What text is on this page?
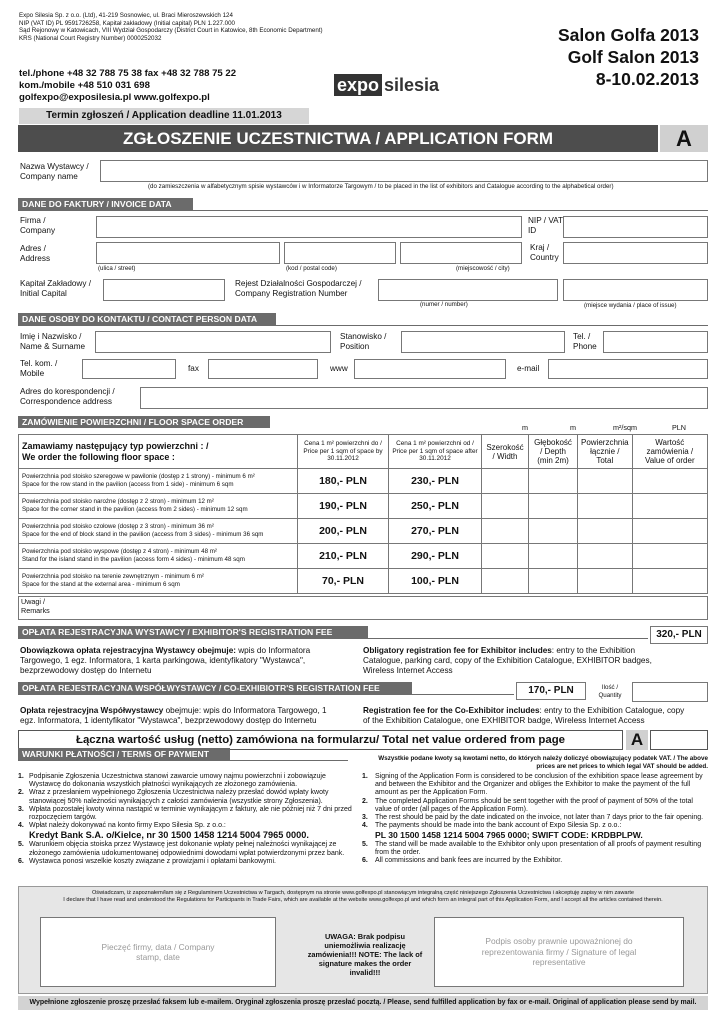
Expo Silesia Sp. z o.o. (Ltd), 41-219 Sosnowiec, ul. Braci Mieroszewskich 124
NIP (VAT ID) PL 9591726258, Kapitał zakładowy (Initial capital) PLN 1.227.000
Sąd Rejonowy w Katowicach, VIII Wydział Gospodarczy (District Court in Katowice, 8th Economic Department)
KRS (National Court Registry Number) 0000252032
tel./phone +48 32 788 75 38 fax +48 32 788 75 22
kom./mobile +48 510 031 698
golfexpo@exposilesia.pl www.golfexpo.pl
expo silesia
Salon Golfa 2013
Golf Salon 2013
8-10.02.2013
Termin zgłoszeń / Application deadline 11.01.2013
ZGŁOSZENIE UCZESTNICTWA / APPLICATION FORM	A
Nazwa Wystawcy / Company name
(do zamieszczenia w alfabetycznym spisie wystawców i w Informatorze Targowym / to be placed in the list of exhibitors and Catalogue according to the alphabetical order)
DANE DO FAKTURY / INVOICE DATA
Firma / Company
NIP / VAT ID
Adres / Address
Kraj / Country
(ulica / street)	(kod / postal code)	(miejscowość / city)
Kapitał Zakładowy / Initial Capital
Rejest Działalności Gospodarczej / Company Registration Number
(numer / number)	(miejsce wydania / place of issue)
DANE OSOBY DO KONTAKTU / CONTACT PERSON DATA
Imię i Nazwisko / Name & Surname
Stanowisko / Position
Tel. / Phone
Tel. kom. / Mobile
fax	www	e-mail
Adres do korespondencji / Correspondence address
ZAMÓWIENIE POWIERZCHNI / FLOOR SPACE ORDER
m	m	m²/sqm	PLN
Zamawiamy następujący typ powierzchni : /
We order the following floor space :	Cena 1 m² powierzchni do / Price per 1 sqm of space by 30.11.2012	Cena 1 m² powierzchni od / Price per 1 sqm of space after 30.11.2012	Szerokość / Width	Głębokość / Depth (min 2m)	Powierzchnia łącznie / Total	Wartość zamówienia / Value of order

Powierzchnia pod stoisko szeregowe w pawilonie (dostęp z 1 strony) - minimum 6 m²
Space for the row stand in the pavilion (access from 1 side) - minimum 6 sqm	180,- PLN	230,- PLN				

Powierzchnia pod stoisko narożne (dostęp z 2 stron) - minimum 12 m²
Space for the corner stand in the pavilion (access from 2 sides) - minimum 12 sqm	190,- PLN	250,- PLN				

Powierzchnia pod stoisko czołowe (dostęp z 3 stron) - minimum 36 m²
Space for the end of block stand in the pavilion (access from 3 sides) - minimum 36 sqm	200,- PLN	270,- PLN				

Powierzchnia pod stoisko wyspowe (dostęp z 4 stron) - minimum 48 m²
Stand for the island stand in the pavilion (access form 4 sides) - minimum 48 sqm	210,- PLN	290,- PLN				

Powierzchnia pod stoisko na terenie zewnętrznym - minimum 6 m²
Space for the stand at the external area - minimum 6 sqm	70,- PLN	100,- PLN				
Uwagi / Remarks
OPŁATA REJESTRACYJNA WYSTAWCY / EXHIBITOR'S REGISTRATION FEE	320,- PLN
Obowiązkowa opłata rejestracyjna Wystawcy obejmuje: wpis do Informatora Targowego, 1 egz. Informatora, 1 karta parkingowa, identyfikatory "Wystawca", bezprzewodowy dostęp do Internetu
Obligatory registration fee for Exhibitor includes: entry to the Exhibition Catalogue, parking card, copy of the Exhibition Catalogue, EXHIBITOR badges, Wireless Internet Access
OPŁATA REJESTRACYJNA WSPÓŁWYSTAWCY / CO-EXHIBIOTR'S REGISTRATION FEE	170,- PLN	Ilość / Quantity
Opłata rejestracyjna Współwystawcy obejmuje: wpis do Informatora Targowego, 1 egz. Informatora, 1 identyfikator "Wystawca", bezprzewodowy dostęp do Internetu
Registration fee for the Co-Exhibitor includes: entry to the Exhibition Catalogue, copy of the Exhibition Catalogue, one EXHIBITOR badge, Wireless Internet Access
Łączna wartość usług (netto) zamówiona na formularzu/ Total net value ordered from page	A
WARUNKI PŁATNOŚCI / TERMS OF PAYMENT	Wszystkie podane kwoty są kwotami netto, do których należy doliczyć obowiązujący podatek VAT. / The above prices are net prices to which legal VAT should be added.
1. Podpisanie Zgłoszenia Uczestnictwa stanowi zawarcie umowy najmu powierzchni i zobowiązuje Wystawcę do dokonania wszystkich płatności wynikających ze złożonego zamówienia.
2. Wraz z przesłaniem wypełnionego Zgłoszenia Uczestnictwa należy przesłać dowód wpłaty kwoty stanowiącej 50% należności wynikających z całości zamówienia (wszystkie strony Zgłoszenia).
3. Wpłata pozostałej kwoty winna nastąpić w terminie wynikającym z faktury, ale nie później niż 7 dni przed rozpoczęciem targów.
4. Wpłat należy dokonywać na konto firmy Expo Silesia Sp. z o.o.:
Kredyt Bank S.A. o/Kielce, nr 30 1500 1458 1214 5004 7965 0000.
5. Warunkiem objęcia stoiska przez Wystawcę jest dokonanie wpłaty pełnej należności wynikającej ze złożonego zamówienia udokumentowanej odpowiednimi dowodami wpłat potwierdzonymi przez bank.
6. Wystawca ponosi wszelkie koszty związane z prowizjami i opłatami bankowymi.
1.	Signing of the Application Form is considered to be conclusion of the exhibition space lease agreement by and between the Exhibitor and the Organizer and obliges the Exhibitor to make the payment of the full amount as per the Application Form.
2.	The completed Application Forms should be sent together with the proof of payment of 50% of the total value of order (all pages of the Application Form).
3.	The rest should be paid by the date indicated on the invoice, not later than 7 days prior to the fair opening.
4.	The payments should be made into the bank account of Expo Silesia Sp. z o.o.:
PL 30 1500 1458 1214 5004 7965 0000; SWIFT CODE: KRDBPLPW.
5.	The stand will be made available to the Exhibitor only upon presentation of all proofs of payment resulting from the order.
6.	All commissions and bank fees are incurred by the Exhibitor.
Oświadczam, iż zapoznałem/łam się z Regulaminem Uczestnictwa w Targach, dostępnym na stronie www.golfexpo.pl stanowiącym integralną część niniejszego Zgłoszenia Uczestnictwa i akceptuję zapisy w nim zawarte
I declare that I have read and understood the Regulations for Participants in Trade Fairs, which are available at the website www.golfexpo.pl and which form an integral part of this Application Form, and I accept all the articles contained therein.
Pieczęć firmy, data / Company stamp, date
UWAGA: Brak podpisu uniemożliwia realizację zamówienia!!! NOTE: The lack of signature makes the order invalid!!!
Podpis osoby prawnie upoważnionej do reprezentowania firmy / Signature of legal representative
Wypełnione zgłoszenie proszę przesłać faksem lub e-mailem. Oryginał zgłoszenia proszę przesłać pocztą. / Please, send fulfilled application by fax or e-mail. Original of application please send by mail.
